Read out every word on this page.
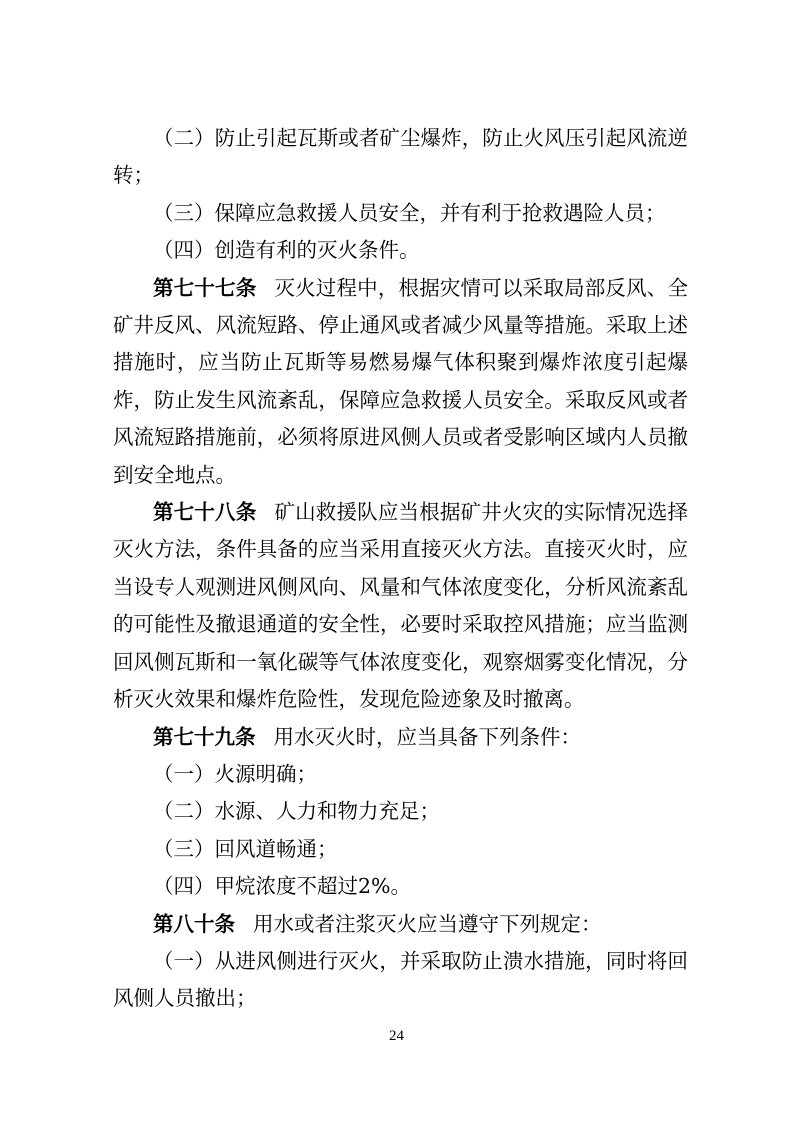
（二）防止引起瓦斯或者矿尘爆炸，防止火风压引起风流逆转；

（三）保障应急救援人员安全，并有利于抢救遇险人员；

（四）创造有利的灭火条件。

第七十七条 灭火过程中，根据灾情可以采取局部反风、全矿井反风、风流短路、停止通风或者减少风量等措施。采取上述措施时，应当防止瓦斯等易燃易爆气体积聚到爆炸浓度引起爆炸，防止发生风流紊乱，保障应急救援人员安全。采取反风或者风流短路措施前，必须将原进风侧人员或者受影响区域内人员撤到安全地点。

第七十八条 矿山救援队应当根据矿井火灾的实际情况选择灭火方法，条件具备的应当采用直接灭火方法。直接灭火时，应当设专人观测进风侧风向、风量和气体浓度变化，分析风流紊乱的可能性及撤退通道的安全性，必要时采取控风措施；应当监测回风侧瓦斯和一氧化碳等气体浓度变化，观察烟雾变化情况，分析灭火效果和爆炸危险性，发现危险迹象及时撤离。

第七十九条 用水灭火时，应当具备下列条件：

（一）火源明确；

（二）水源、人力和物力充足；

（三）回风道畅通；

（四）甲烷浓度不超过2%。

第八十条 用水或者注浆灭火应当遵守下列规定：

（一）从进风侧进行灭火，并采取防止溃水措施，同时将回风侧人员撤出；

24
